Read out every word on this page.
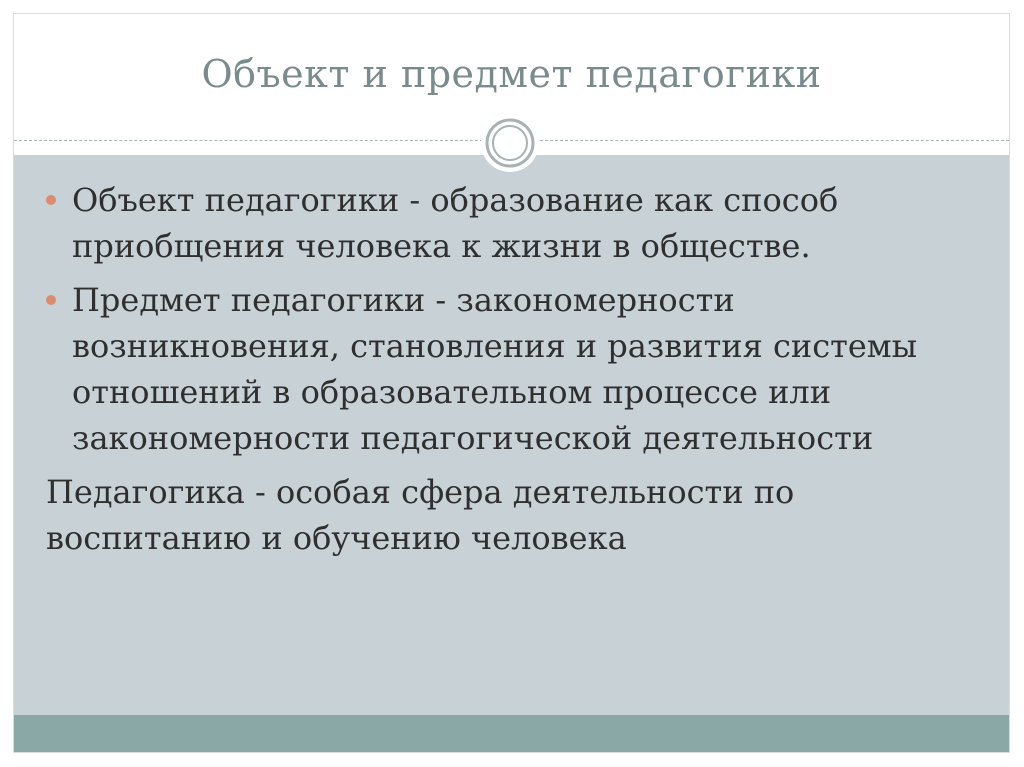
Объект и предмет педагогики
Объект педагогики - образование как способ приобщения человека к жизни в обществе.
Предмет педагогики - закономерности возникновения, становления и развития системы отношений в образовательном процессе или закономерности педагогической деятельности
Педагогика - особая сфера деятельности по воспитанию и обучению человека
